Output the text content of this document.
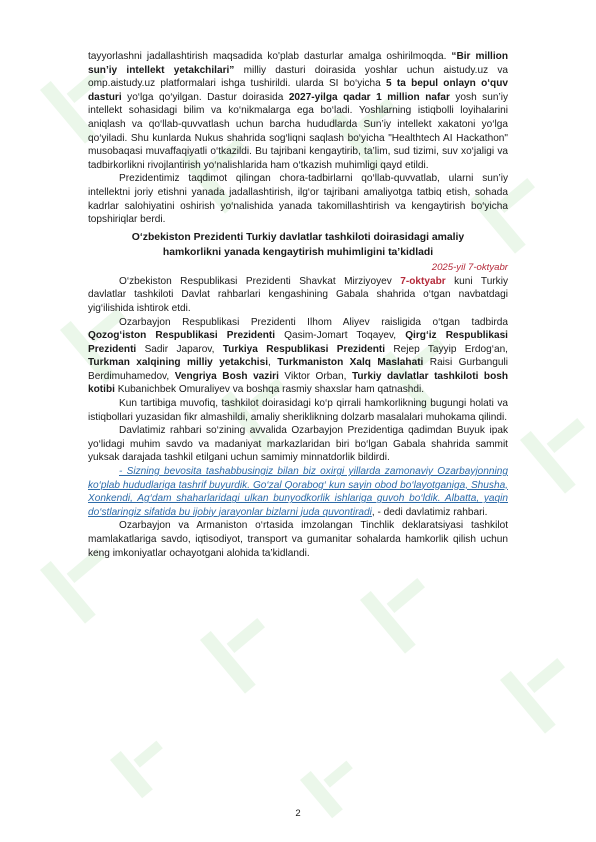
tayyorlashni jadallashtirish maqsadida ko'plab dasturlar amalga oshirilmoqda. “Bir million sun’iy intellekt yetakchilari” milliy dasturi doirasida yoshlar uchun aistudy.uz va omp.aistudy.uz platformalari ishga tushirildi. ularda SI bo‘yicha 5 ta bepul onlayn o‘quv dasturi yo‘lga qo‘yilgan. Dastur doirasida 2027-yilga qadar 1 million nafar yosh sun’iy intellekt sohasidagi bilim va ko‘nikmalarga ega bo‘ladi. Yoshlarning istiqbolli loyihalarini aniqlash va qo‘llab-quvvatlash uchun barcha hududlarda Sun’iy intellekt xakatoni yo‘lga qo‘yiladi. Shu kunlarda Nukus shahrida sog‘liqni saqlash bo‘yicha "Healthtech AI Hackathon" musobaqasi muvaffaqiyatli o‘tkazildi. Bu tajribani kengaytirib, ta’lim, sud tizimi, suv xo‘jaligi va tadbirkorlikni rivojlantirish yo‘nalishlarida ham o‘tkazish muhimligi qayd etildi.

Prezidentimiz taqdimot qilingan chora-tadbirlarni qo‘llab-quvvatlab, ularni sun’iy intellektni joriy etishni yanada jadallashtirish, ilg‘or tajribani amaliyotga tatbiq etish, sohada kadrlar salohiyatini oshirish yo‘nalishida yanada takomillashtirish va kengaytirish bo‘yicha topshiriqlar berdi.

O‘zbekiston Prezidenti Turkiy davlatlar tashkiloti doirasidagi amaliy hamkorlikni yanada kengaytirish muhimligini ta’kidladi
2025-yil 7-oktyabr

O‘zbekiston Respublikasi Prezidenti Shavkat Mirziyoyev 7-oktyabr kuni Turkiy davlatlar tashkiloti Davlat rahbarlari kengashining Gabala shahrida o‘tgan navbatdagi yig‘ilishida ishtirok etdi.

Ozarbayjon Respublikasi Prezidenti Ilhom Aliyev raisligida o‘tgan tadbirda Qozog‘iston Respublikasi Prezidenti Qasim-Jomart Toqayev, Qirg‘iz Respublikasi Prezidenti Sadir Japarov, Turkiya Respublikasi Prezidenti Rejep Tayyip Erdog‘an, Turkman xalqining milliy yetakchisi, Turkmaniston Xalq Maslahati Raisi Gurbanguli Berdimuhamedov, Vengriya Bosh vaziri Viktor Orban, Turkiy davlatlar tashkiloti bosh kotibi Kubanichbek Omuraliyev va boshqa rasmiy shaxslar ham qatnashdi.

Kun tartibiga muvofiq, tashkilot doirasidagi ko‘p qirrali hamkorlikning bugungi holati va istiqbollari yuzasidan fikr almashildi, amaliy sheriklikning dolzarb masalalari muhokama qilindi.

Davlatimiz rahbari so‘zining avvalida Ozarbayjon Prezidentiga qadimdan Buyuk ipak yo‘lidagi muhim savdo va madaniyat markazlaridan biri bo‘lgan Gabala shahrida sammit yuksak darajada tashkil etilgani uchun samimiy minnatdorlik bildirdi.

- Sizning bevosita tashabbusingiz bilan biz oxirgi yillarda zamonaviy Ozarbayjonning ko‘plab hududlariga tashrif buyurdik. Go‘zal Qorabog‘ kun sayin obod bo‘layotganiga, Shusha, Xonkendi, Ag‘dam shaharlaridagi ulkan bunyodkorlik ishlariga guvoh bo‘ldik. Albatta, yaqin do‘stlaringiz sifatida bu ijobiy jarayonlar bizlarni juda quvontiradi, - dedi davlatimiz rahbari.

Ozarbayjon va Armaniston o‘rtasida imzolangan Tinchlik deklaratsiyasi tashkilot mamlakatlariga savdo, iqtisodiyot, transport va gumanitar sohalarda hamkorlik qilish uchun keng imkoniyatlar ochayotgani alohida ta’kidlandi.

2
